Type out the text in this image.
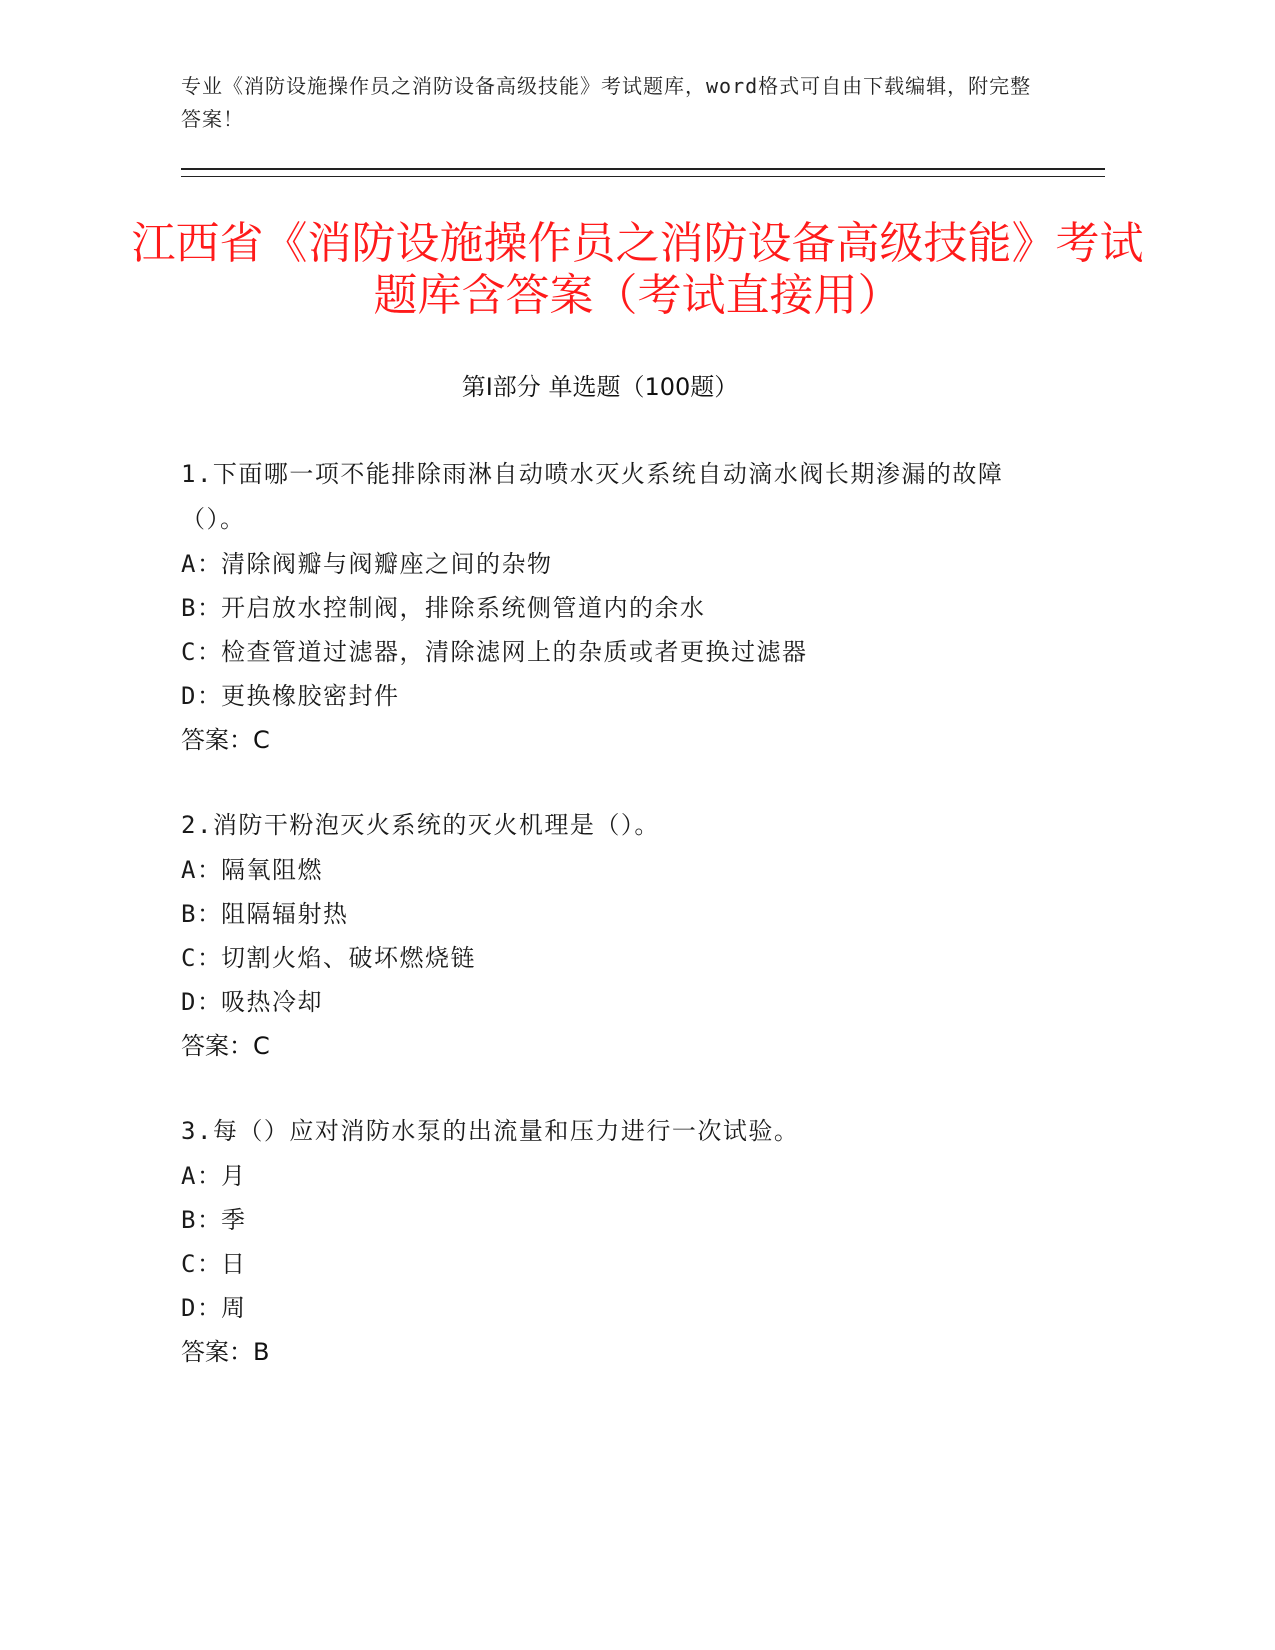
专业《消防设施操作员之消防设备高级技能》考试题库，word格式可自由下载编辑，附完整答案！
江西省《消防设施操作员之消防设备高级技能》考试题库含答案（考试直接用）
第Ⅰ部分 单选题（100题）
1.下面哪一项不能排除雨淋自动喷水灭火系统自动滴水阀长期渗漏的故障（）。
A：清除阀瓣与阀瓣座之间的杂物
B：开启放水控制阀，排除系统侧管道内的余水
C：检查管道过滤器，清除滤网上的杂质或者更换过滤器
D：更换橡胶密封件
答案：C
2.消防干粉泡灭火系统的灭火机理是（）。
A：隔氧阻燃
B：阻隔辐射热
C：切割火焰、破坏燃烧链
D：吸热冷却
答案：C
3.每（）应对消防水泵的出流量和压力进行一次试验。
A：月
B：季
C：日
D：周
答案：B
